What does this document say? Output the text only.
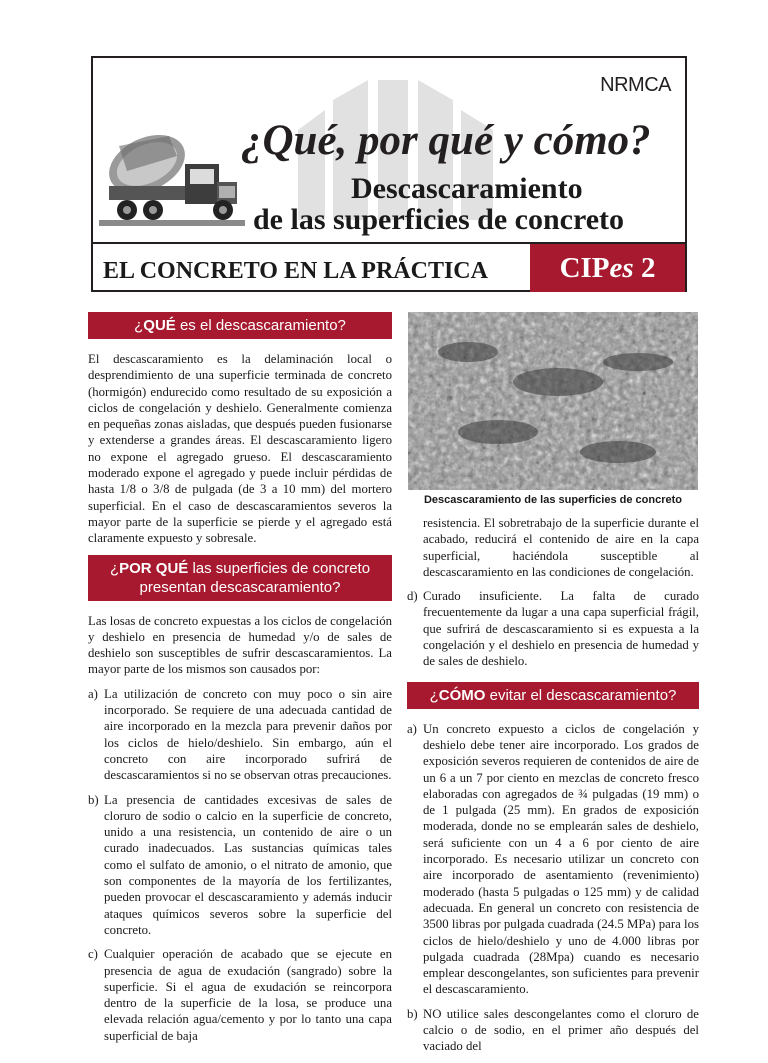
NRMCA
¿Qué, por qué y cómo?
Descascaramiento
de las superficies de concreto
EL CONCRETO EN LA PRÁCTICA	CIPes 2
¿QUÉ es el descascaramiento?

El descascaramiento es la delaminación local o desprendimiento de una superficie terminada de concreto (hormigón) endurecido como resultado de su exposición a ciclos de congelación y deshielo. Generalmente comienza en pequeñas zonas aisladas, que después pueden fusionarse y extenderse a grandes áreas. El descascaramiento ligero no expone el agregado grueso. El descascaramiento moderado expone el agregado y puede incluir pérdidas de hasta 1/8 o 3/8 de pulgada (de 3 a 10 mm) del mortero superficial. En el caso de descascaramientos severos la mayor parte de la superficie se pierde y el agregado está claramente expuesto y sobresale.

¿POR QUÉ las superficies de concreto presentan descascaramiento?

Las losas de concreto expuestas a los ciclos de congelación y deshielo en presencia de humedad y/o de sales de deshielo son susceptibles de sufrir descascaramientos. La mayor parte de los mismos son causados por:

a) La utilización de concreto con muy poco o sin aire incorporado. Se requiere de una adecuada cantidad de aire incorporado en la mezcla para prevenir daños por los ciclos de hielo/deshielo. Sin embargo, aún el concreto con aire incorporado sufrirá de descascaramientos si no se observan otras precauciones.
b) La presencia de cantidades excesivas de sales de cloruro de sodio o calcio en la superficie de concreto, unido a una resistencia, un contenido de aire o un curado inadecuados. Las sustancias químicas tales como el sulfato de amonio, o el nitrato de amonio, que son componentes de la mayoría de los fertilizantes, pueden provocar el descascaramiento y además inducir ataques químicos severos sobre la superficie del concreto.
c) Cualquier operación de acabado que se ejecute en presencia de agua de exudación (sangrado) sobre la superficie. Si el agua de exudación se reincorpora dentro de la superficie de la losa, se produce una elevada relación agua/cemento y por lo tanto una capa superficial de baja
Descascaramiento de las superficies de concreto

resistencia. El sobretrabajo de la superficie durante el acabado, reducirá el contenido de aire en la capa superficial, haciéndola susceptible al descascaramiento en las condiciones de congelación.

d) Curado insuficiente. La falta de curado frecuentemente da lugar a una capa superficial frágil, que sufrirá de descascaramiento si es expuesta a la congelación y el deshielo en presencia de humedad y de sales de deshielo.
¿CÓMO evitar el descascaramiento?
a) Un concreto expuesto a ciclos de congelación y deshielo debe tener aire incorporado. Los grados de exposición severos requieren de contenidos de aire de un 6 a un 7 por ciento en mezclas de concreto fresco elaboradas con agregados de ¾ pulgadas (19 mm) o de 1 pulgada (25 mm). En grados de exposición moderada, donde no se emplearán sales de deshielo, será suficiente con un 4 a 6 por ciento de aire incorporado. Es necesario utilizar un concreto con aire incorporado de asentamiento (revenimiento) moderado (hasta 5 pulgadas o 125 mm) y de calidad adecuada. En general un concreto con resistencia de 3500 libras por pulgada cuadrada (24.5 MPa) para los ciclos de hielo/deshielo y uno de 4.000 libras por pulgada cuadrada (28Mpa) cuando es necesario emplear descongelantes, son suficientes para prevenir el descascaramiento.
b) NO utilice sales descongelantes como el cloruro de calcio o de sodio, en el primer año después del vaciado del
